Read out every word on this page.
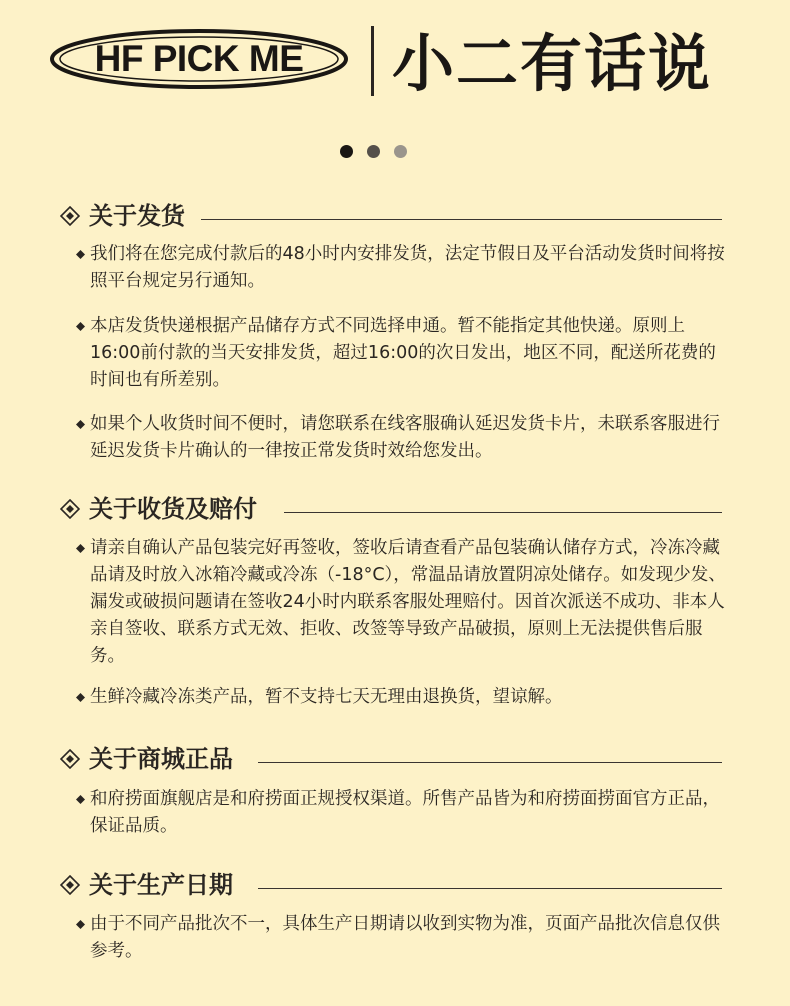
HF PICK ME	小二有话说
关于发货
我们将在您完成付款后的48小时内安排发货，法定节假日及平台活动发货时间将按照平台规定另行通知。
本店发货快递根据产品储存方式不同选择申通。暂不能指定其他快递。原则上16:00前付款的当天安排发货，超过16:00的次日发出，地区不同，配送所花费的时间也有所差别。
如果个人收货时间不便时，请您联系在线客服确认延迟发货卡片，未联系客服进行延迟发货卡片确认的一律按正常发货时效给您发出。
关于收货及赔付
请亲自确认产品包装完好再签收，签收后请查看产品包装确认储存方式，冷冻冷藏品请及时放入冰箱冷藏或冷冻（-18°C），常温品请放置阴凉处储存。如发现少发、漏发或破损问题请在签收24小时内联系客服处理赔付。因首次派送不成功、非本人亲自签收、联系方式无效、拒收、改签等导致产品破损，原则上无法提供售后服务。
生鲜冷藏冷冻类产品，暂不支持七天无理由退换货，望谅解。
关于商城正品
和府捞面旗舰店是和府捞面正规授权渠道。所售产品皆为和府捞面捞面官方正品，保证品质。
关于生产日期
由于不同产品批次不一，具体生产日期请以收到实物为准，页面产品批次信息仅供参考。
